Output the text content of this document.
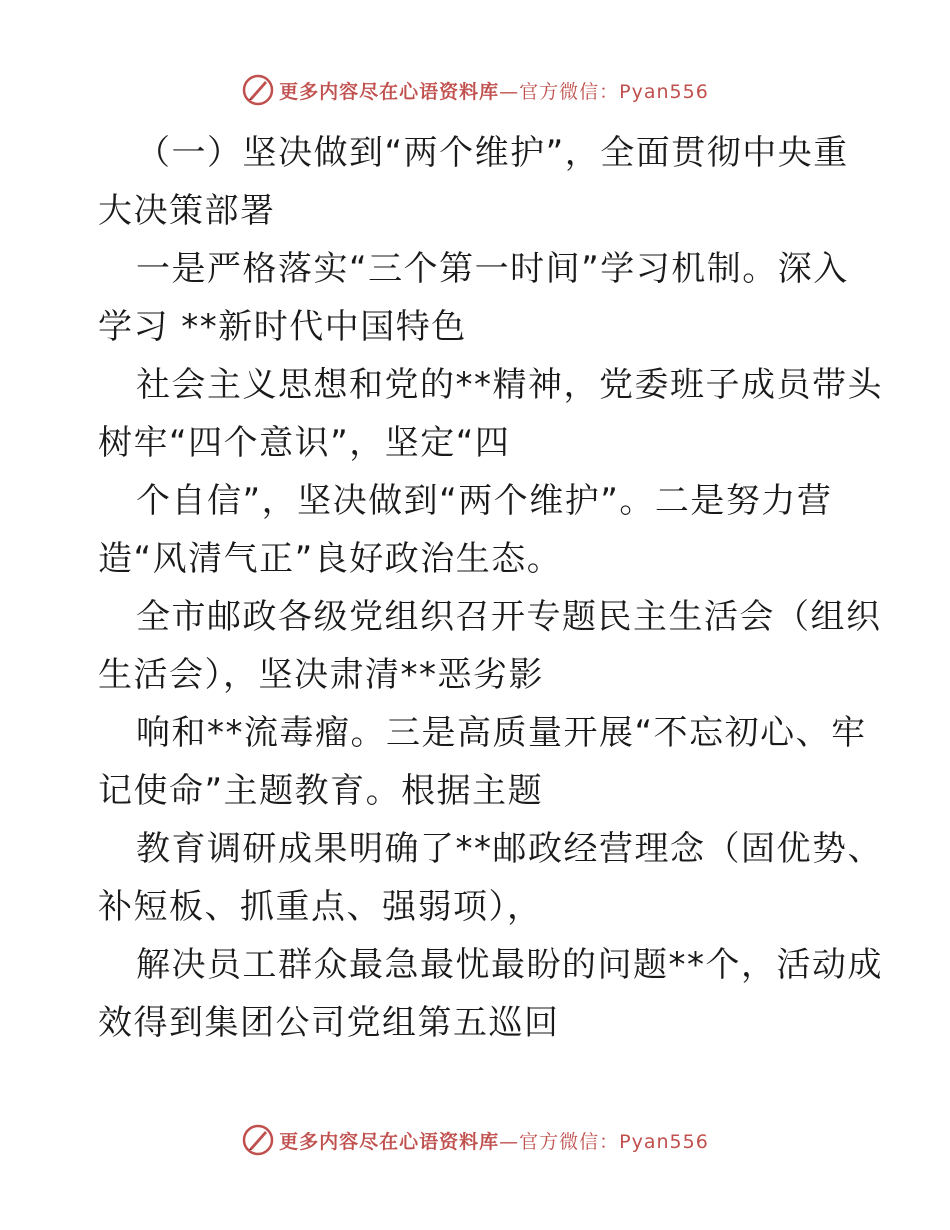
更多内容尽在心语资料库 —官方微信：Pyan556
（一）坚决做到“两个维护”，全面贯彻中央重
大决策部署
一是严格落实“三个第一时间”学习机制。深入
学习 **新时代中国特色
社会主义思想和党的**精神，党委班子成员带头
树牢“四个意识”，坚定“四
个自信”，坚决做到“两个维护”。二是努力营
造“风清气正”良好政治生态。
全市邮政各级党组织召开专题民主生活会（组织
生活会），坚决肃清**恶劣影
响和**流毒瘤。三是高质量开展“不忘初心、牢
记使命”主题教育。根据主题
教育调研成果明确了**邮政经营理念（固优势、
补短板、抓重点、强弱项），
解决员工群众最急最忧最盼的问题**个，活动成
效得到集团公司党组第五巡回
更多内容尽在心语资料库 —官方微信：Pyan556
